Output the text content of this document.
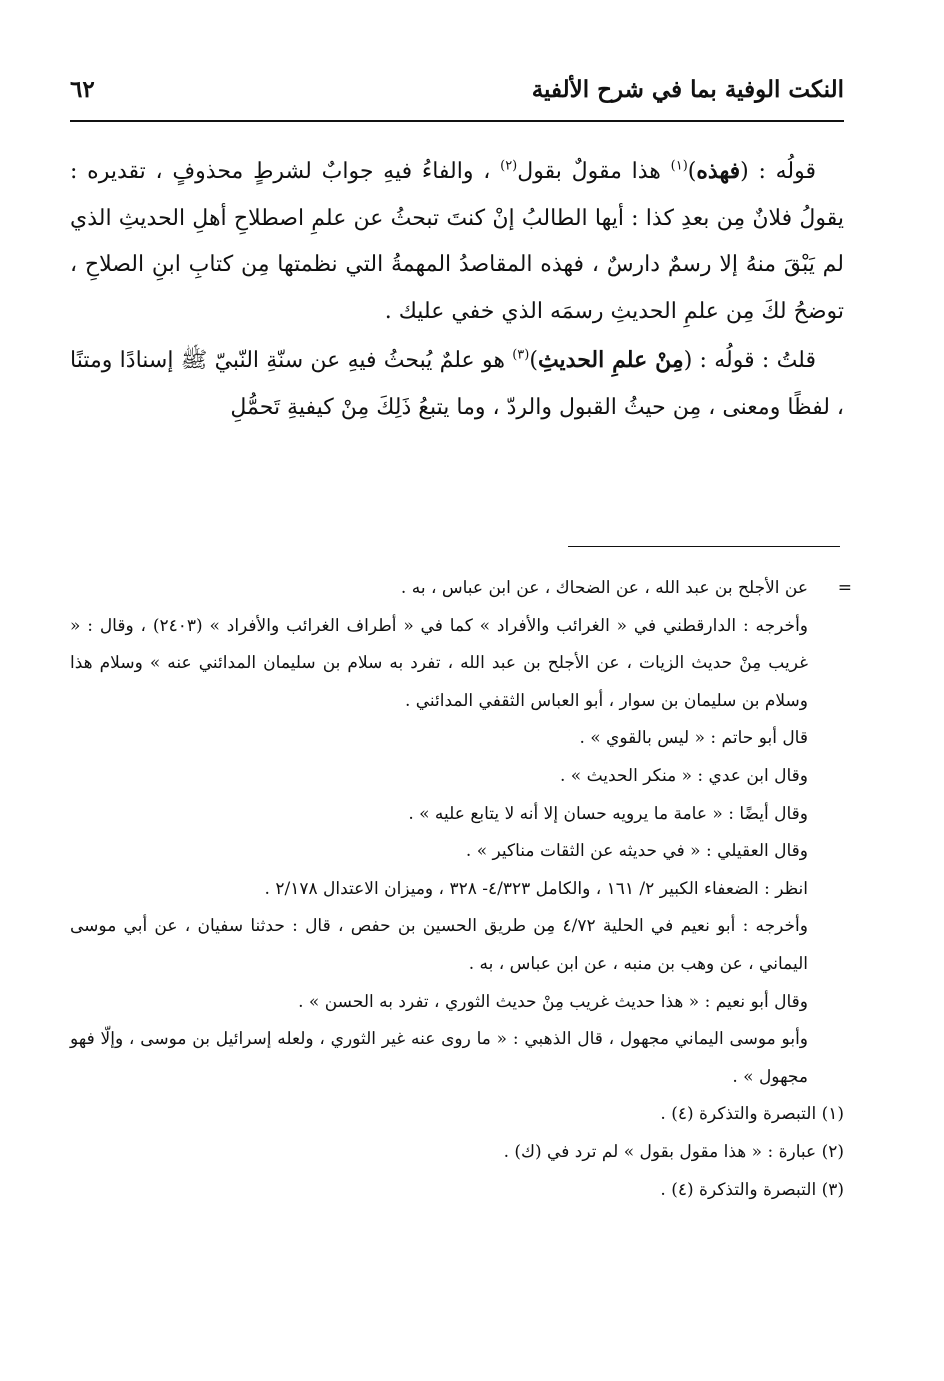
النكت الوفية بما في شرح الألفية
٦٢

قولُه : (فهذه)$^{(١)}$ هذا مقولٌ بقول$^{(٢)}$ ، والفاءُ فيهِ جوابٌ لشرطٍ محذوفٍ ، تقديره : يقولُ فلانٌ مِن بعدِ كذا : أيها الطالبُ إنْ كنتَ تبحثُ عن علمِ اصطلاحِ أهلِ الحديثِ الذي لم يَبْقَ منهُ إلا رسمٌ دارسٌ ، فهذه المقاصدُ المهمةُ التي نظمتها مِن كتابِ ابنِ الصلاحِ ، توضحُ لكَ مِن علمِ الحديثِ رسمَه الذي خفي عليك .

قلتُ : قولُه : (مِنْ علمِ الحديثِ)$^{(٣)}$ هو علمٌ يُبحثُ فيهِ عن سنّةِ النّبيّ ﷺ إسنادًا ومتنًا ، لفظًا ومعنى ، مِن حيثُ القبول والردّ ، وما يتبعُ ذَلِكَ مِنْ كيفيةِ تَحمُّلِ

=

عن الأجلح بن عبد الله ، عن الضحاك ، عن ابن عباس ، به .

وأخرجه : الدارقطني في « الغرائب والأفراد » كما في « أطراف الغرائب والأفراد » (٢٤٠٣) ، وقال : « غريب مِنْ حديث الزيات ، عن الأجلح بن عبد الله ، تفرد به سلام بن سليمان المدائني عنه » وسلام هذا وسلام بن سليمان بن سوار ، أبو العباس الثقفي المدائني .

قال أبو حاتم : « ليس بالقوي » .

وقال ابن عدي : « منكر الحديث » .

وقال أيضًا : « عامة ما يرويه حسان إلا أنه لا يتابع عليه » .

وقال العقيلي : « في حديثه عن الثقات مناكير » .

انظر : الضعفاء الكبير ٢/ ١٦١ ، والكامل ٤/٣٢٣- ٣٢٨ ، وميزان الاعتدال ٢/١٧٨ .

وأخرجه : أبو نعيم في الحلية ٤/٧٢ مِن طريق الحسين بن حفص ، قال : حدثنا سفيان ، عن أبي موسى اليماني ، عن وهب بن منبه ، عن ابن عباس ، به .

وقال أبو نعيم : « هذا حديث غريب مِنْ حديث الثوري ، تفرد به الحسن » .

وأبو موسى اليماني مجهول ، قال الذهبي : « ما روى عنه غير الثوري ، ولعله إسرائيل بن موسى ، وإلّا فهو مجهول » .

(١) التبصرة والتذكرة (٤) .

(٢) عبارة : « هذا مقول بقول » لم ترد في (ك) .

(٣) التبصرة والتذكرة (٤) .
